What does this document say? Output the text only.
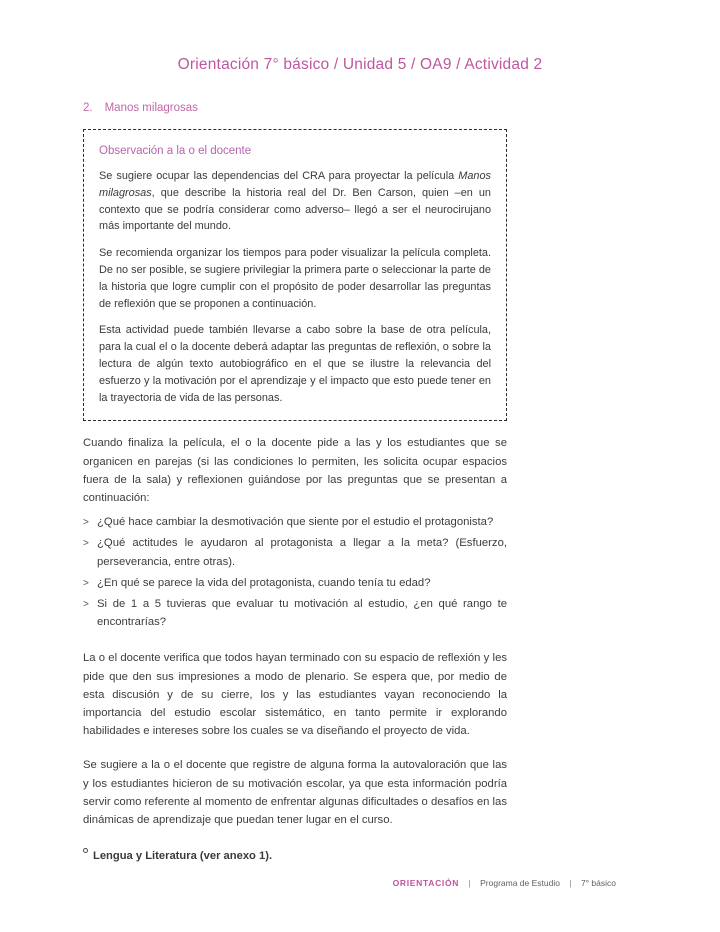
Orientación 7° básico / Unidad 5 / OA9 / Actividad 2
2. Manos milagrosas
Observación a la o el docente

Se sugiere ocupar las dependencias del CRA para proyectar la película Manos milagrosas, que describe la historia real del Dr. Ben Carson, quien –en un contexto que se podría considerar como adverso– llegó a ser el neurocirujano más importante del mundo.

Se recomienda organizar los tiempos para poder visualizar la película completa. De no ser posible, se sugiere privilegiar la primera parte o seleccionar la parte de la historia que logre cumplir con el propósito de poder desarrollar las preguntas de reflexión que se proponen a continuación.

Esta actividad puede también llevarse a cabo sobre la base de otra película, para la cual el o la docente deberá adaptar las preguntas de reflexión, o sobre la lectura de algún texto autobiográfico en el que se ilustre la relevancia del esfuerzo y la motivación por el aprendizaje y el impacto que esto puede tener en la trayectoria de vida de las personas.

Cuando finaliza la película, el o la docente pide a las y los estudiantes que se organicen en parejas (si las condiciones lo permiten, les solicita ocupar espacios fuera de la sala) y reflexionen guiándose por las preguntas que se presentan a continuación:

> ¿Qué hace cambiar la desmotivación que siente por el estudio el protagonista?
> ¿Qué actitudes le ayudaron al protagonista a llegar a la meta? (Esfuerzo, perseverancia, entre otras).
> ¿En qué se parece la vida del protagonista, cuando tenía tu edad?
> Si de 1 a 5 tuvieras que evaluar tu motivación al estudio, ¿en qué rango te encontrarías?

La o el docente verifica que todos hayan terminado con su espacio de reflexión y les pide que den sus impresiones a modo de plenario. Se espera que, por medio de esta discusión y de su cierre, los y las estudiantes vayan reconociendo la importancia del estudio escolar sistemático, en tanto permite ir explorando habilidades e intereses sobre los cuales se va diseñando el proyecto de vida.

Se sugiere a la o el docente que registre de alguna forma la autovaloración que las y los estudiantes hicieron de su motivación escolar, ya que esta información podría servir como referente al momento de enfrentar algunas dificultades o desafíos en las dinámicas de aprendizaje que puedan tener lugar en el curso.

Lengua y Literatura (ver anexo 1).

ORIENTACIÓN | Programa de Estudio | 7° básico
